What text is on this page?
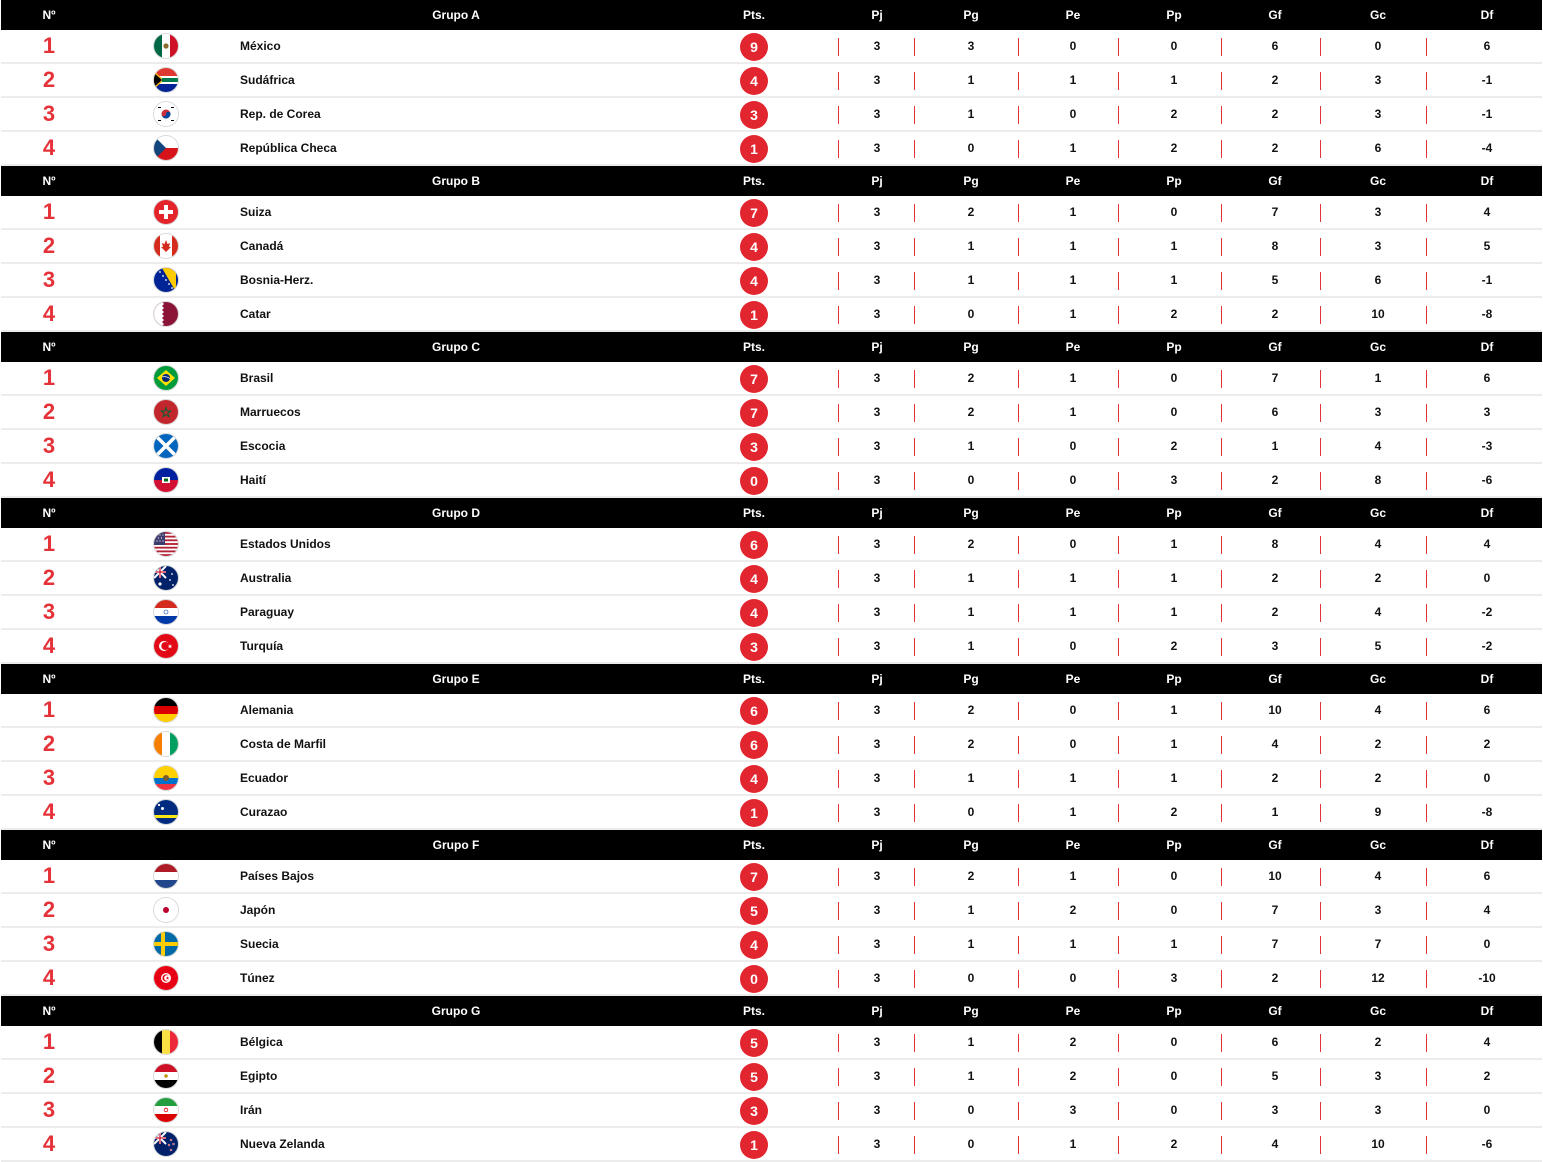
Nº	Grupo A	Pts.	Pj	Pg	Pe	Pp	Gf	Gc	Df
1	México	9	3	3	0	0	6	0	6
2	Sudáfrica	4	3	1	1	1	2	3	-1
3	Rep. de Corea	3	3	1	0	2	2	3	-1
4	República Checa	1	3	0	1	2	2	6	-4
Nº	Grupo B	Pts.	Pj	Pg	Pe	Pp	Gf	Gc	Df
1	Suiza	7	3	2	1	0	7	3	4
2	Canadá	4	3	1	1	1	8	3	5
3	Bosnia-Herz.	4	3	1	1	1	5	6	-1
4	Catar	1	3	0	1	2	2	10	-8
Nº	Grupo C	Pts.	Pj	Pg	Pe	Pp	Gf	Gc	Df
1	Brasil	7	3	2	1	0	7	1	6
2	Marruecos	7	3	2	1	0	6	3	3
3	Escocia	3	3	1	0	2	1	4	-3
4	Haití	0	3	0	0	3	2	8	-6
Nº	Grupo D	Pts.	Pj	Pg	Pe	Pp	Gf	Gc	Df
1	Estados Unidos	6	3	2	0	1	8	4	4
2	Australia	4	3	1	1	1	2	2	0
3	Paraguay	4	3	1	1	1	2	4	-2
4	Turquía	3	3	1	0	2	3	5	-2
Nº	Grupo E	Pts.	Pj	Pg	Pe	Pp	Gf	Gc	Df
1	Alemania	6	3	2	0	1	10	4	6
2	Costa de Marfil	6	3	2	0	1	4	2	2
3	Ecuador	4	3	1	1	1	2	2	0
4	Curazao	1	3	0	1	2	1	9	-8
Nº	Grupo F	Pts.	Pj	Pg	Pe	Pp	Gf	Gc	Df
1	Países Bajos	7	3	2	1	0	10	4	6
2	Japón	5	3	1	2	0	7	3	4
3	Suecia	4	3	1	1	1	7	7	0
4	Túnez	0	3	0	0	3	2	12	-10
Nº	Grupo G	Pts.	Pj	Pg	Pe	Pp	Gf	Gc	Df
1	Bélgica	5	3	1	2	0	6	2	4
2	Egipto	5	3	1	2	0	5	3	2
3	Irán	3	3	0	3	0	3	3	0
4	Nueva Zelanda	1	3	0	1	2	4	10	-6
